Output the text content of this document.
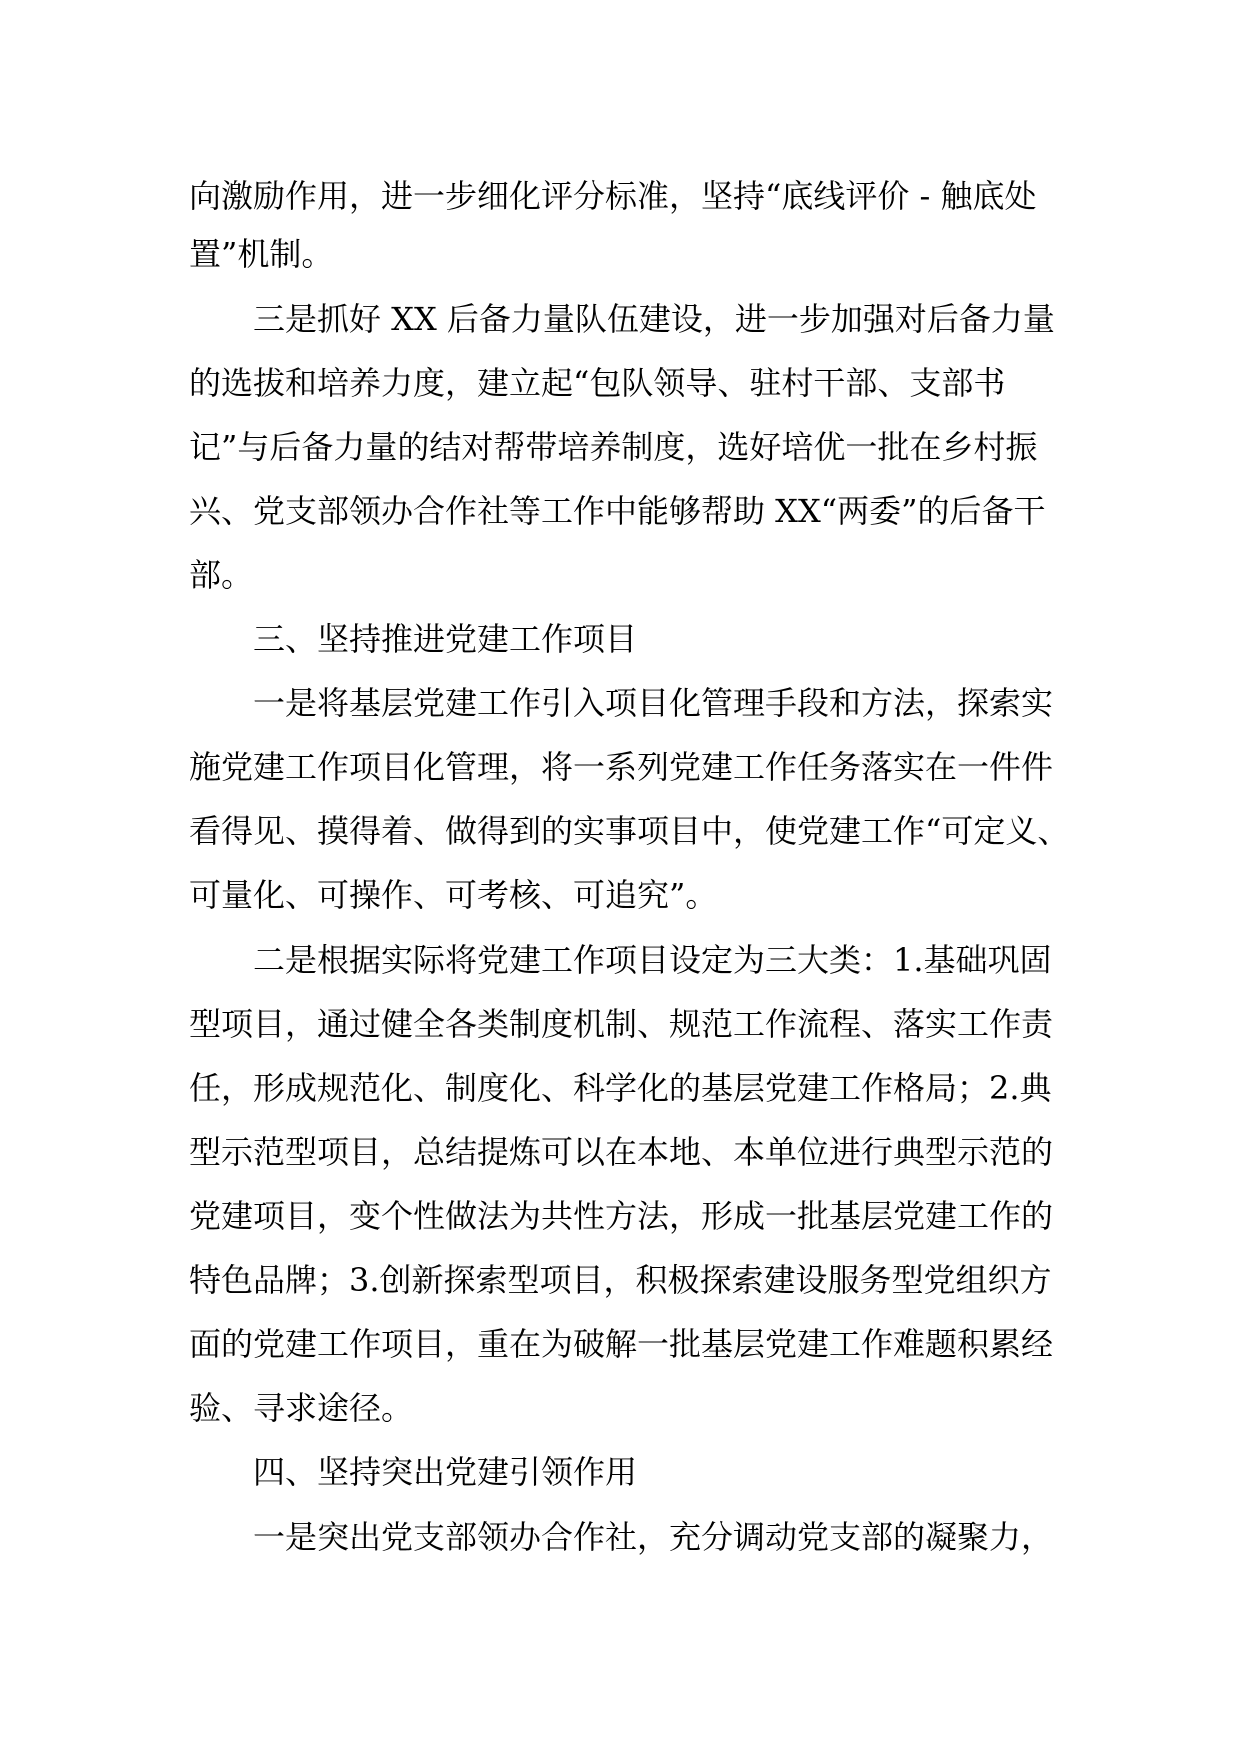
向激励作用，进一步细化评分标准，坚持“底线评价 - 触底处

置”机制。

三是抓好 XX 后备力量队伍建设，进一步加强对后备力量

的选拔和培养力度，建立起“包队领导、驻村干部、支部书

记”与后备力量的结对帮带培养制度，选好培优一批在乡村振

兴、党支部领办合作社等工作中能够帮助 XX“两委”的后备干

部。

三、坚持推进党建工作项目

一是将基层党建工作引入项目化管理手段和方法，探索实

施党建工作项目化管理，将一系列党建工作任务落实在一件件

看得见、摸得着、做得到的实事项目中，使党建工作“可定义、

可量化、可操作、可考核、可追究”。

二是根据实际将党建工作项目设定为三大类：1.基础巩固

型项目，通过健全各类制度机制、规范工作流程、落实工作责

任，形成规范化、制度化、科学化的基层党建工作格局；2.典

型示范型项目，总结提炼可以在本地、本单位进行典型示范的

党建项目，变个性做法为共性方法，形成一批基层党建工作的

特色品牌；3.创新探索型项目，积极探索建设服务型党组织方

面的党建工作项目，重在为破解一批基层党建工作难题积累经

验、寻求途径。

四、坚持突出党建引领作用

一是突出党支部领办合作社，充分调动党支部的凝聚力，
